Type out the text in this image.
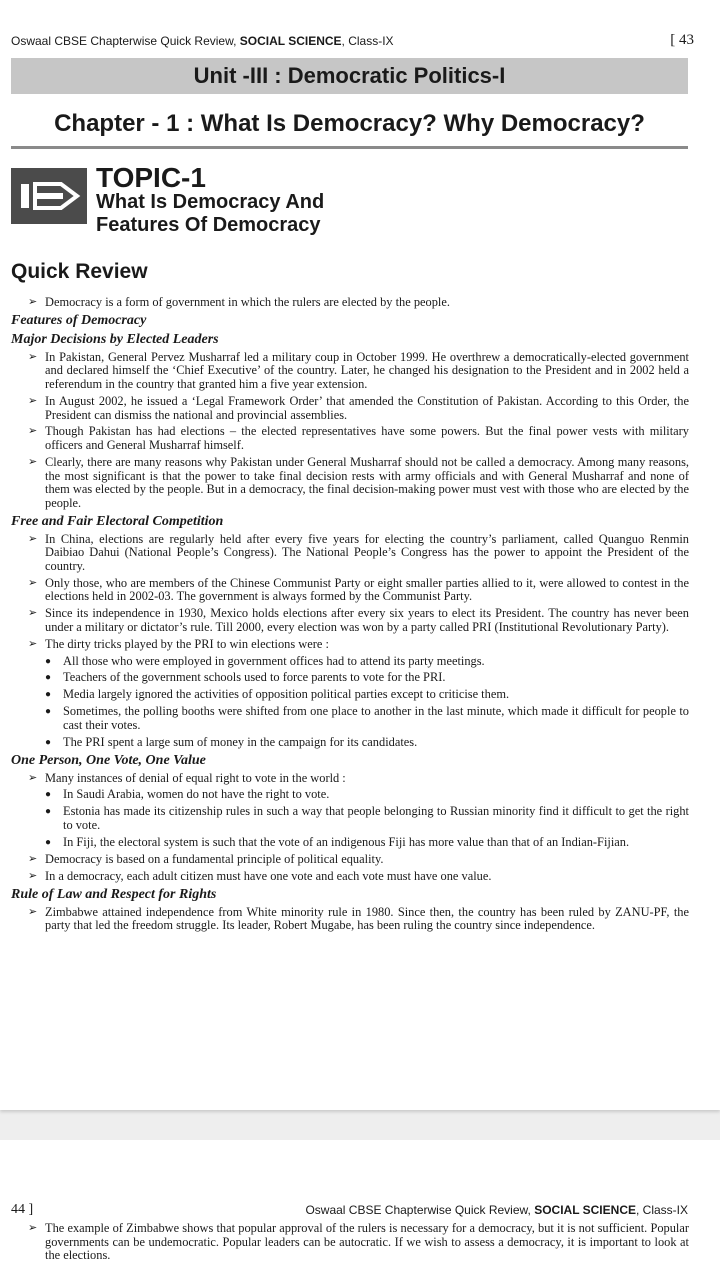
Oswaal CBSE Chapterwise Quick Review, SOCIAL SCIENCE, Class-IX	[ 43
Unit -III : Democratic Politics-I
Chapter - 1 : What Is Democracy? Why Democracy?
TOPIC-1
What Is Democracy And
Features Of Democracy
Quick Review
➢ Democracy is a form of government in which the rulers are elected by the people.
Features of Democracy
Major Decisions by Elected Leaders
➢ In Pakistan, General Pervez Musharraf led a military coup in October 1999. He overthrew a democratically-elected government and declared himself the ‘Chief Executive’ of the country. Later, he changed his designation to the President and in 2002 held a referendum in the country that granted him a five year extension.
➢ In August 2002, he issued a ‘Legal Framework Order’ that amended the Constitution of Pakistan. According to this Order, the President can dismiss the national and provincial assemblies.
➢ Though Pakistan has had elections – the elected representatives have some powers. But the final power vests with military officers and General Musharraf himself.
➢ Clearly, there are many reasons why Pakistan under General Musharraf should not be called a democracy. Among many reasons, the most significant is that the power to take final decision rests with army officials and with General Musharraf and none of them was elected by the people. But in a democracy, the final decision-making power must vest with those who are elected by the people.
Free and Fair Electoral Competition
➢ In China, elections are regularly held after every five years for electing the country’s parliament, called Quanguo Renmin Daibiao Dahui (National People’s Congress). The National People’s Congress has the power to appoint the President of the country.
➢ Only those, who are members of the Chinese Communist Party or eight smaller parties allied to it, were allowed to contest in the elections held in 2002-03. The government is always formed by the Communist Party.
➢ Since its independence in 1930, Mexico holds elections after every six years to elect its President. The country has never been under a military or dictator’s rule. Till 2000, every election was won by a party called PRI (Institutional Revolutionary Party).
➢ The dirty tricks played by the PRI to win elections were :
● All those who were employed in government offices had to attend its party meetings.
● Teachers of the government schools used to force parents to vote for the PRI.
● Media largely ignored the activities of opposition political parties except to criticise them.
● Sometimes, the polling booths were shifted from one place to another in the last minute, which made it difficult for people to cast their votes.
● The PRI spent a large sum of money in the campaign for its candidates.
One Person, One Vote, One Value
➢ Many instances of denial of equal right to vote in the world :
● In Saudi Arabia, women do not have the right to vote.
● Estonia has made its citizenship rules in such a way that people belonging to Russian minority find it difficult to get the right to vote.
● In Fiji, the electoral system is such that the vote of an indigenous Fiji has more value than that of an Indian-Fijian.
➢ Democracy is based on a fundamental principle of political equality.
➢ In a democracy, each adult citizen must have one vote and each vote must have one value.
Rule of Law and Respect for Rights
➢ Zimbabwe attained independence from White minority rule in 1980. Since then, the country has been ruled by ZANU-PF, the party that led the freedom struggle. Its leader, Robert Mugabe, has been ruling the country since independence.
44 ]	Oswaal CBSE Chapterwise Quick Review, SOCIAL SCIENCE, Class-IX
➢ The example of Zimbabwe shows that popular approval of the rulers is necessary for a democracy, but it is not sufficient. Popular governments can be undemocratic. Popular leaders can be autocratic. If we wish to assess a democracy, it is important to look at the elections.
